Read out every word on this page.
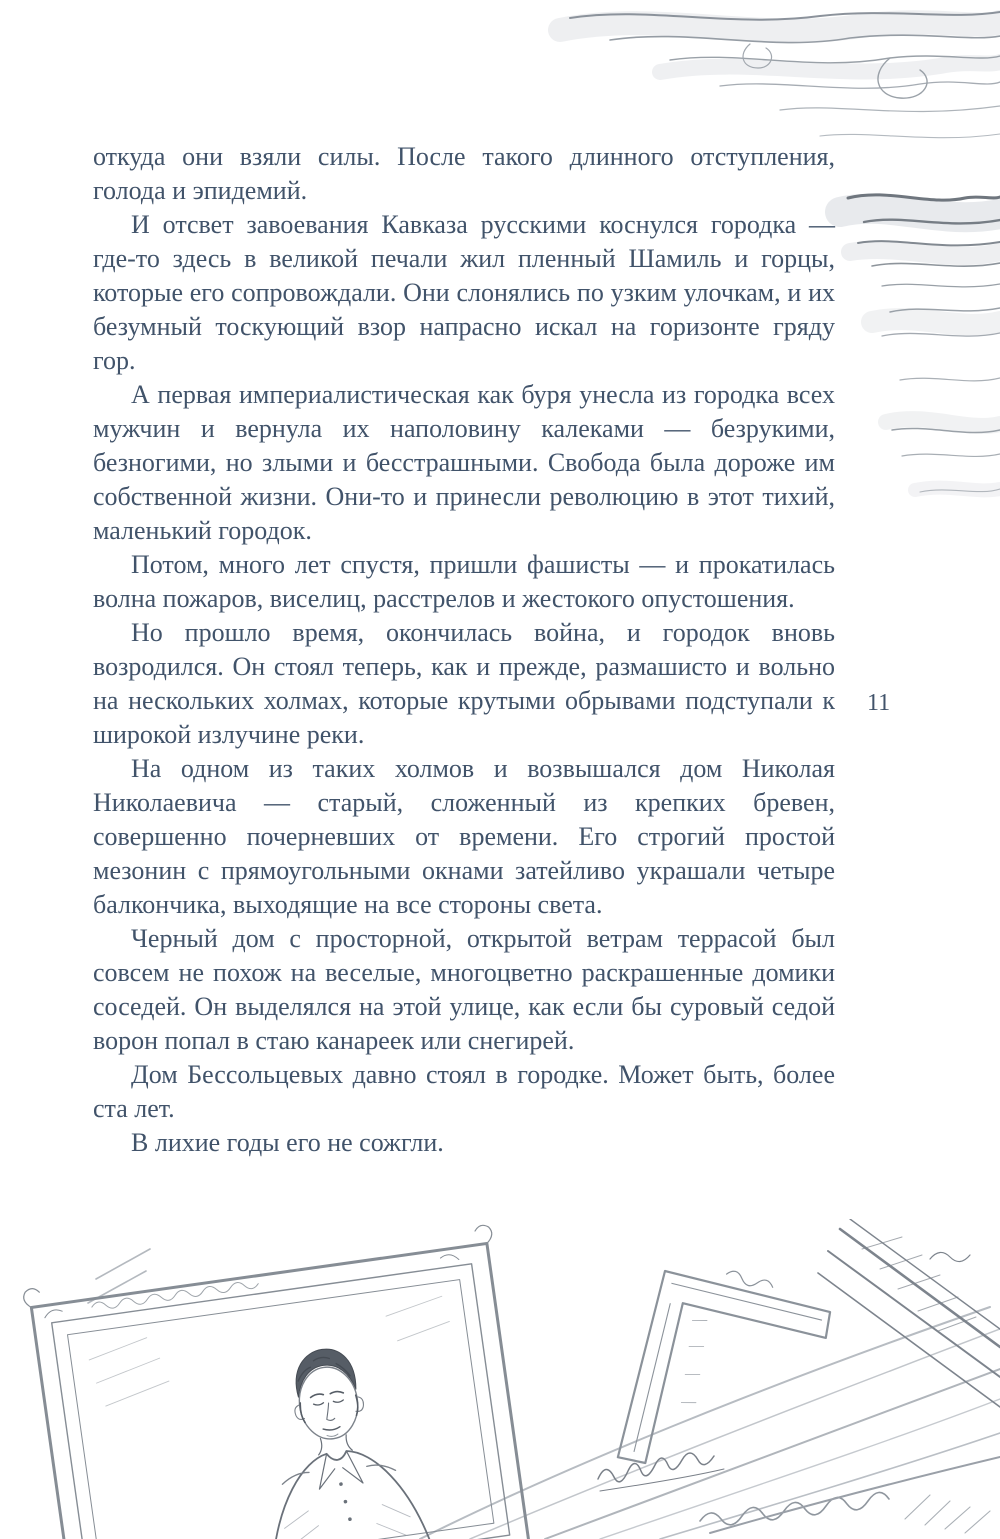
откуда они взяли силы. После такого длинного отступления, голода и эпидемий.

И отсвет завоевания Кавказа русскими коснулся городка — где-то здесь в великой печали жил пленный Шамиль и горцы, которые его сопровождали. Они слонялись по узким улочкам, и их безумный тоскующий взор напрасно искал на горизонте гряду гор.

А первая империалистическая как буря унесла из городка всех мужчин и вернула их наполовину калеками — безрукими, безногими, но злыми и бесстрашными. Свобода была дороже им собственной жизни. Они-то и принесли революцию в этот тихий, маленький городок.

Потом, много лет спустя, пришли фашисты — и прокатилась волна пожаров, виселиц, расстрелов и жестокого опустошения.

Но прошло время, окончилась война, и городок вновь возродился. Он стоял теперь, как и прежде, размашисто и вольно на нескольких холмах, которые крутыми обрывами подступали к широкой излучине реки.

На одном из таких холмов и возвышался дом Николая Николаевича — старый, сложенный из крепких бревен, совершенно почерневших от времени. Его строгий простой мезонин с прямоугольными окнами затейливо украшали четыре балкончика, выходящие на все стороны света.

Черный дом с просторной, открытой ветрам террасой был совсем не похож на веселые, многоцветно раскрашенные домики соседей. Он выделялся на этой улице, как если бы суровый седой ворон попал в стаю канареек или снегирей.

Дом Бессольцевых давно стоял в городке. Может быть, более ста лет.

В лихие годы его не сожгли.

11
